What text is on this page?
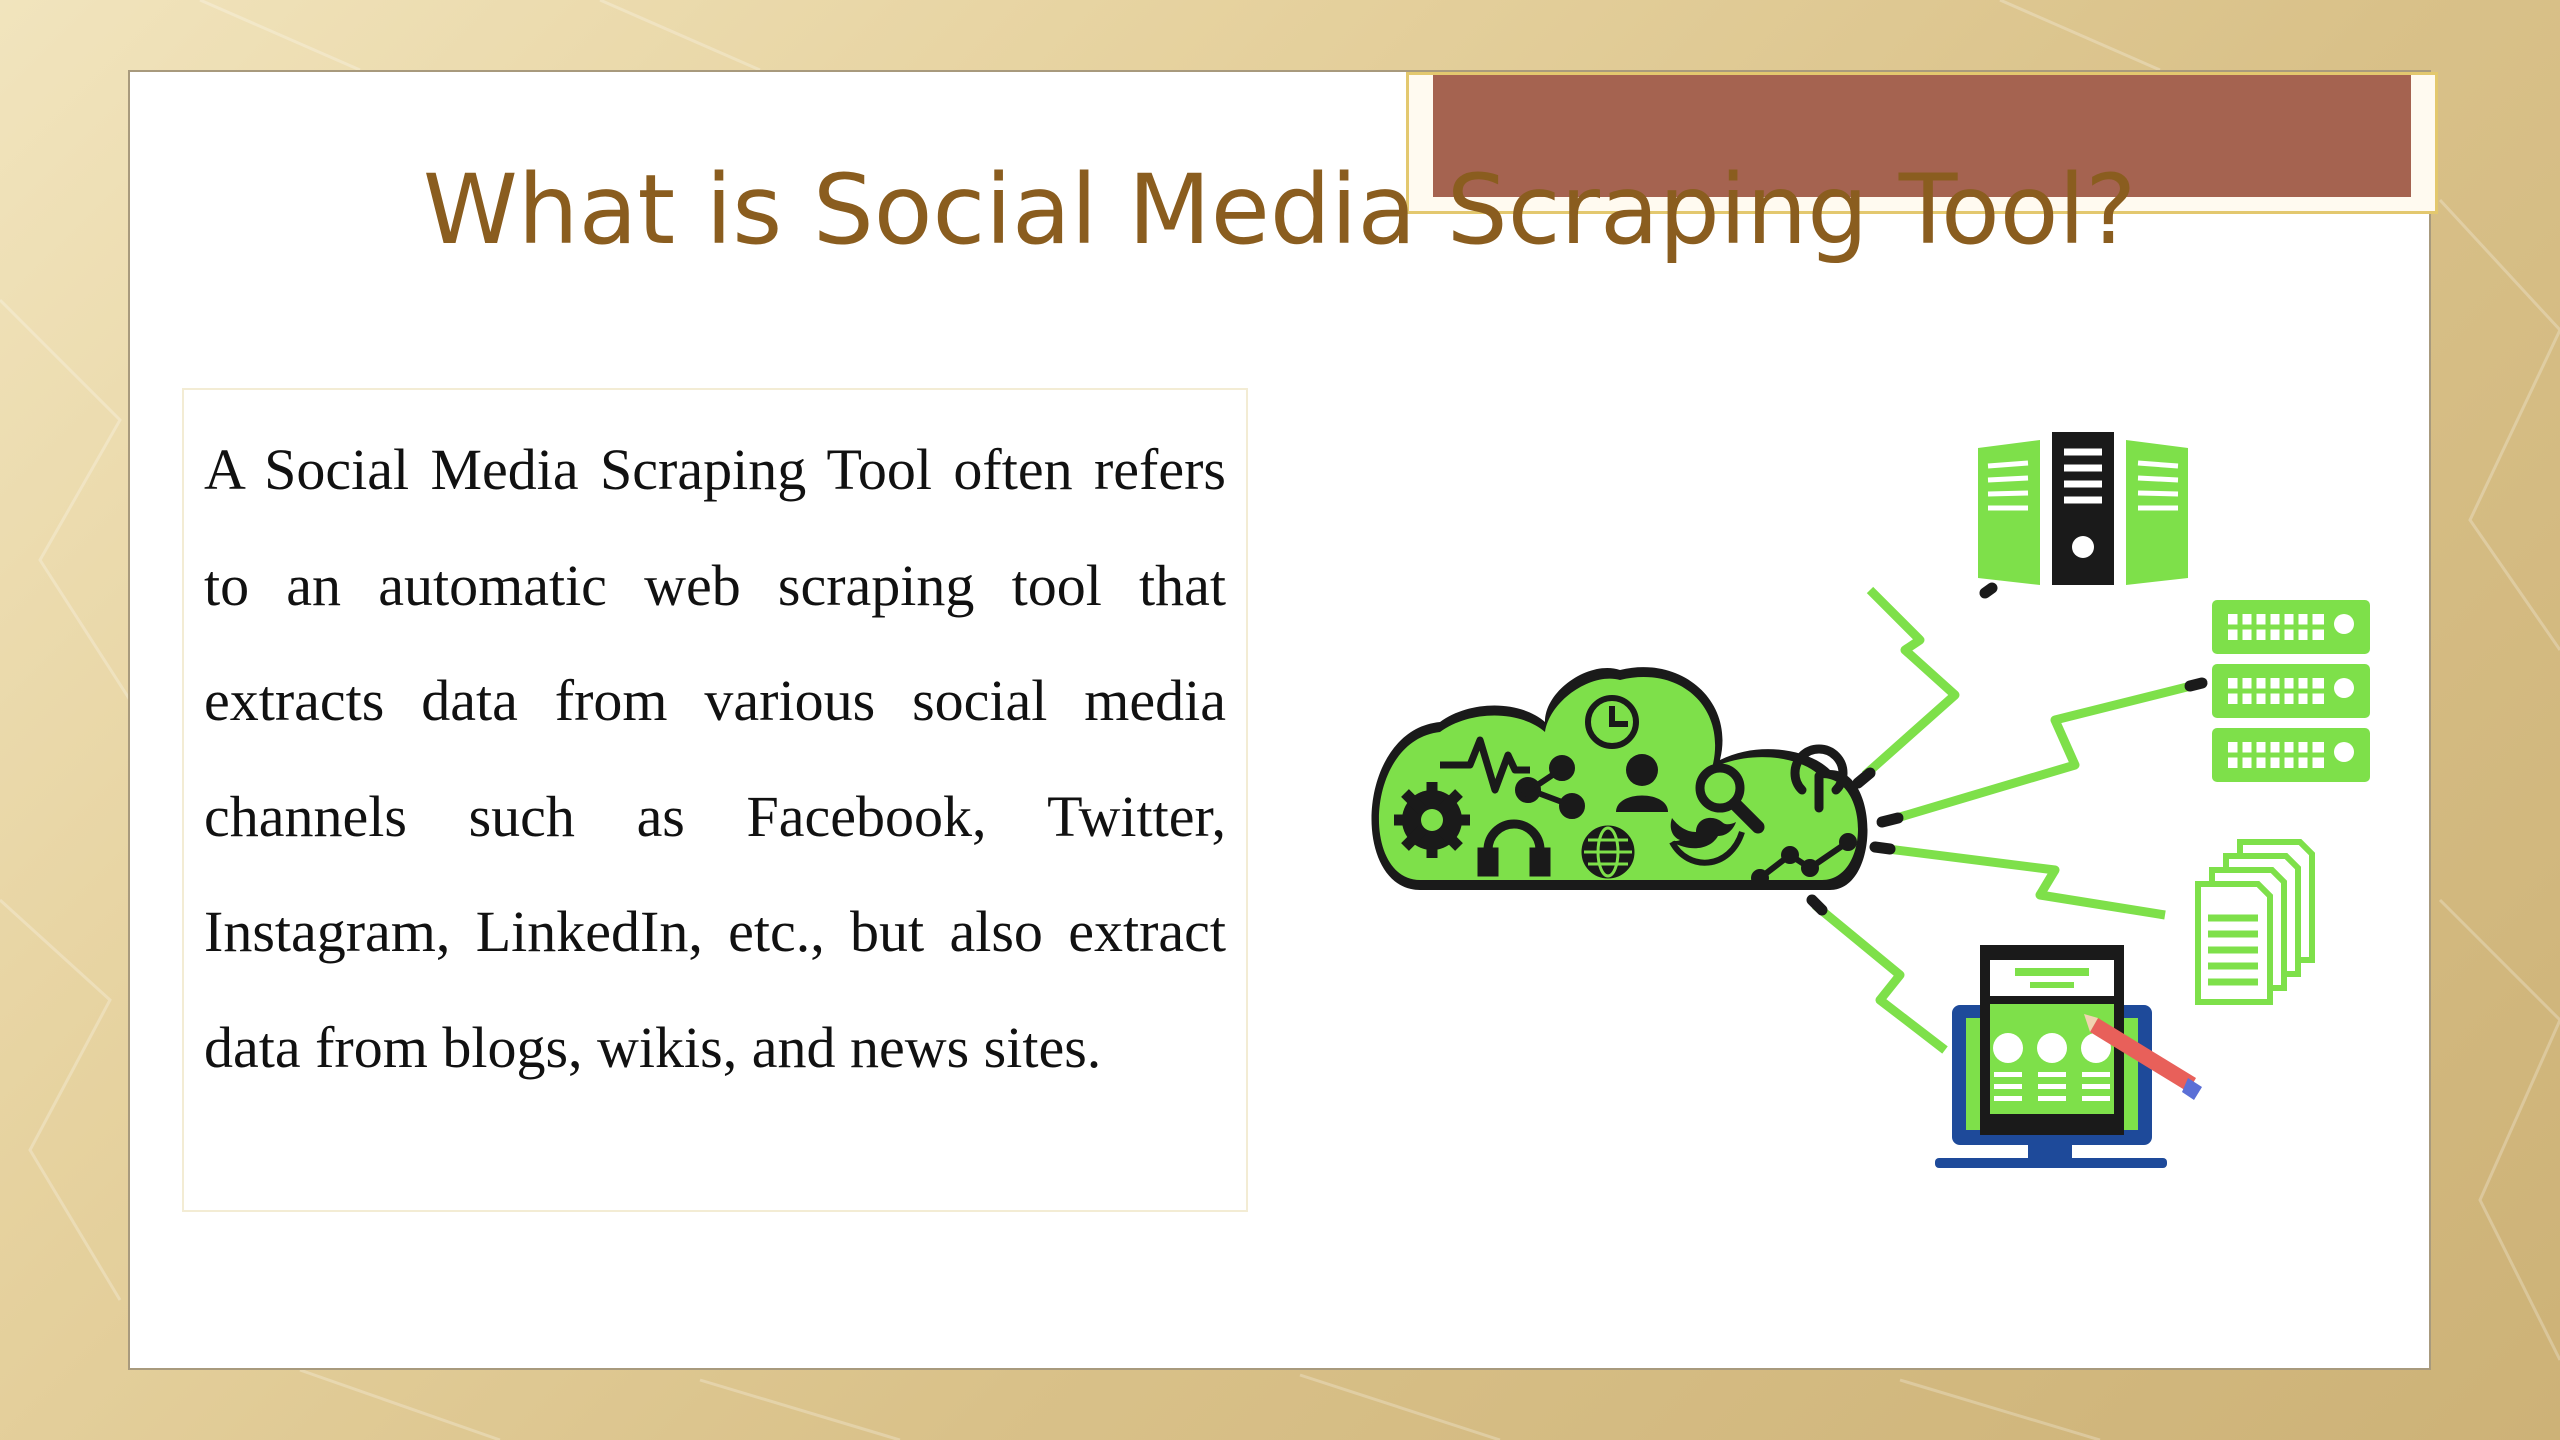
What is Social Media Scraping Tool?

A Social Media Scraping Tool often refers to an automatic web scraping tool that extracts data from various social media channels such as Facebook, Twitter, Instagram, LinkedIn, etc., but also extract data from blogs, wikis, and news sites.
